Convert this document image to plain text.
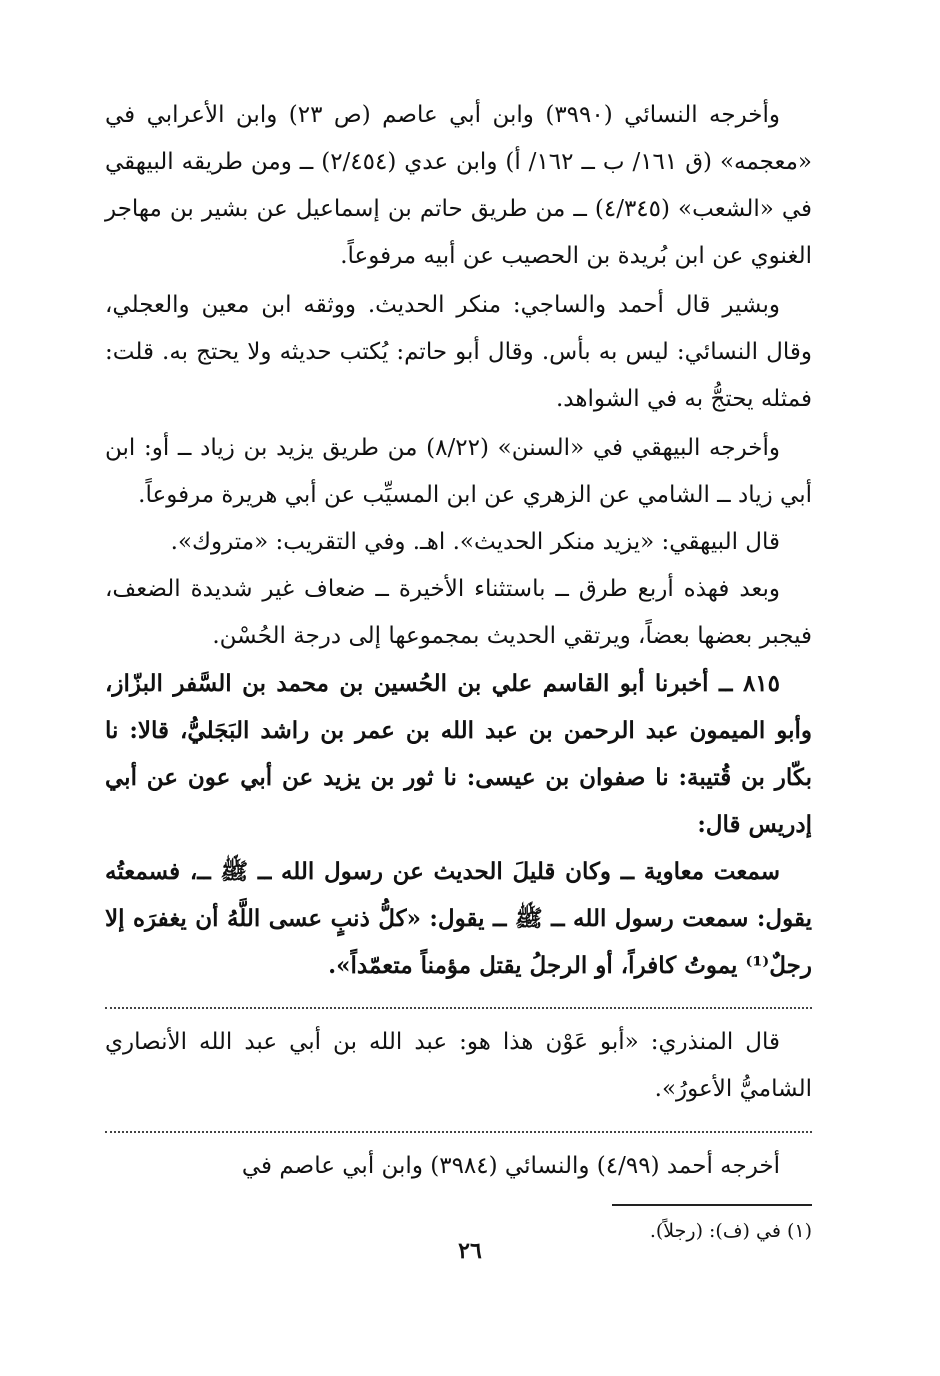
وأخرجه النسائي (٣٩٩٠) وابن أبي عاصم (ص ٢٣) وابن الأعرابي في «معجمه» (ق ١٦١/ ب ــ ١٦٢/ أ) وابن عدي (٢/٤٥٤) ــ ومن طريقه البيهقي في «الشعب» (٤/٣٤٥) ــ من طريق حاتم بن إسماعيل عن بشير بن مهاجر الغنوي عن ابن بُريدة بن الحصيب عن أبيه مرفوعاً.

وبشير قال أحمد والساجي: منكر الحديث. ووثقه ابن معين والعجلي، وقال النسائي: ليس به بأس. وقال أبو حاتم: يُكتب حديثه ولا يحتج به. قلت: فمثله يحتجُّ به في الشواهد.

وأخرجه البيهقي في «السنن» (٨/٢٢) من طريق يزيد بن زياد ــ أو: ابن أبي زياد ــ الشامي عن الزهري عن ابن المسيِّب عن أبي هريرة مرفوعاً.

قال البيهقي: «يزيد منكر الحديث». اهـ. وفي التقريب: «متروك».

وبعد فهذه أربع طرق ــ باستثناء الأخيرة ــ ضعاف غير شديدة الضعف، فيجبر بعضها بعضاً، ويرتقي الحديث بمجموعها إلى درجة الحُسْن.

٨١٥ ــ أخبرنا أبو القاسم علي بن الحُسين بن محمد بن السَّفر البزّاز، وأبو الميمون عبد الرحمن بن عبد الله بن عمر بن راشد البَجَليُّ، قالا: نا بكّار بن قُتيبة: نا صفوان بن عيسى: نا ثور بن يزيد عن أبي عون عن أبي إدريس قال:

سمعت معاوية ــ وكان قليلَ الحديث عن رسول الله ــ ﷺ ــ، فسمعتُه يقول: سمعت رسول الله ــ ﷺ ــ يقول: «كلُّ ذنبٍ عسى اللَّهُ أن يغفرَه إلا رجلٌ⁽¹⁾ يموتُ كافراً، أو الرجلُ يقتل مؤمناً متعمّداً».

قال المنذري: «أبو عَوْن هذا هو: عبد الله بن أبي عبد الله الأنصاري الشاميُّ الأعورُ».

أخرجه أحمد (٤/٩٩) والنسائي (٣٩٨٤) وابن أبي عاصم في

(١) في (ف): (رجلاً).

٢٦
